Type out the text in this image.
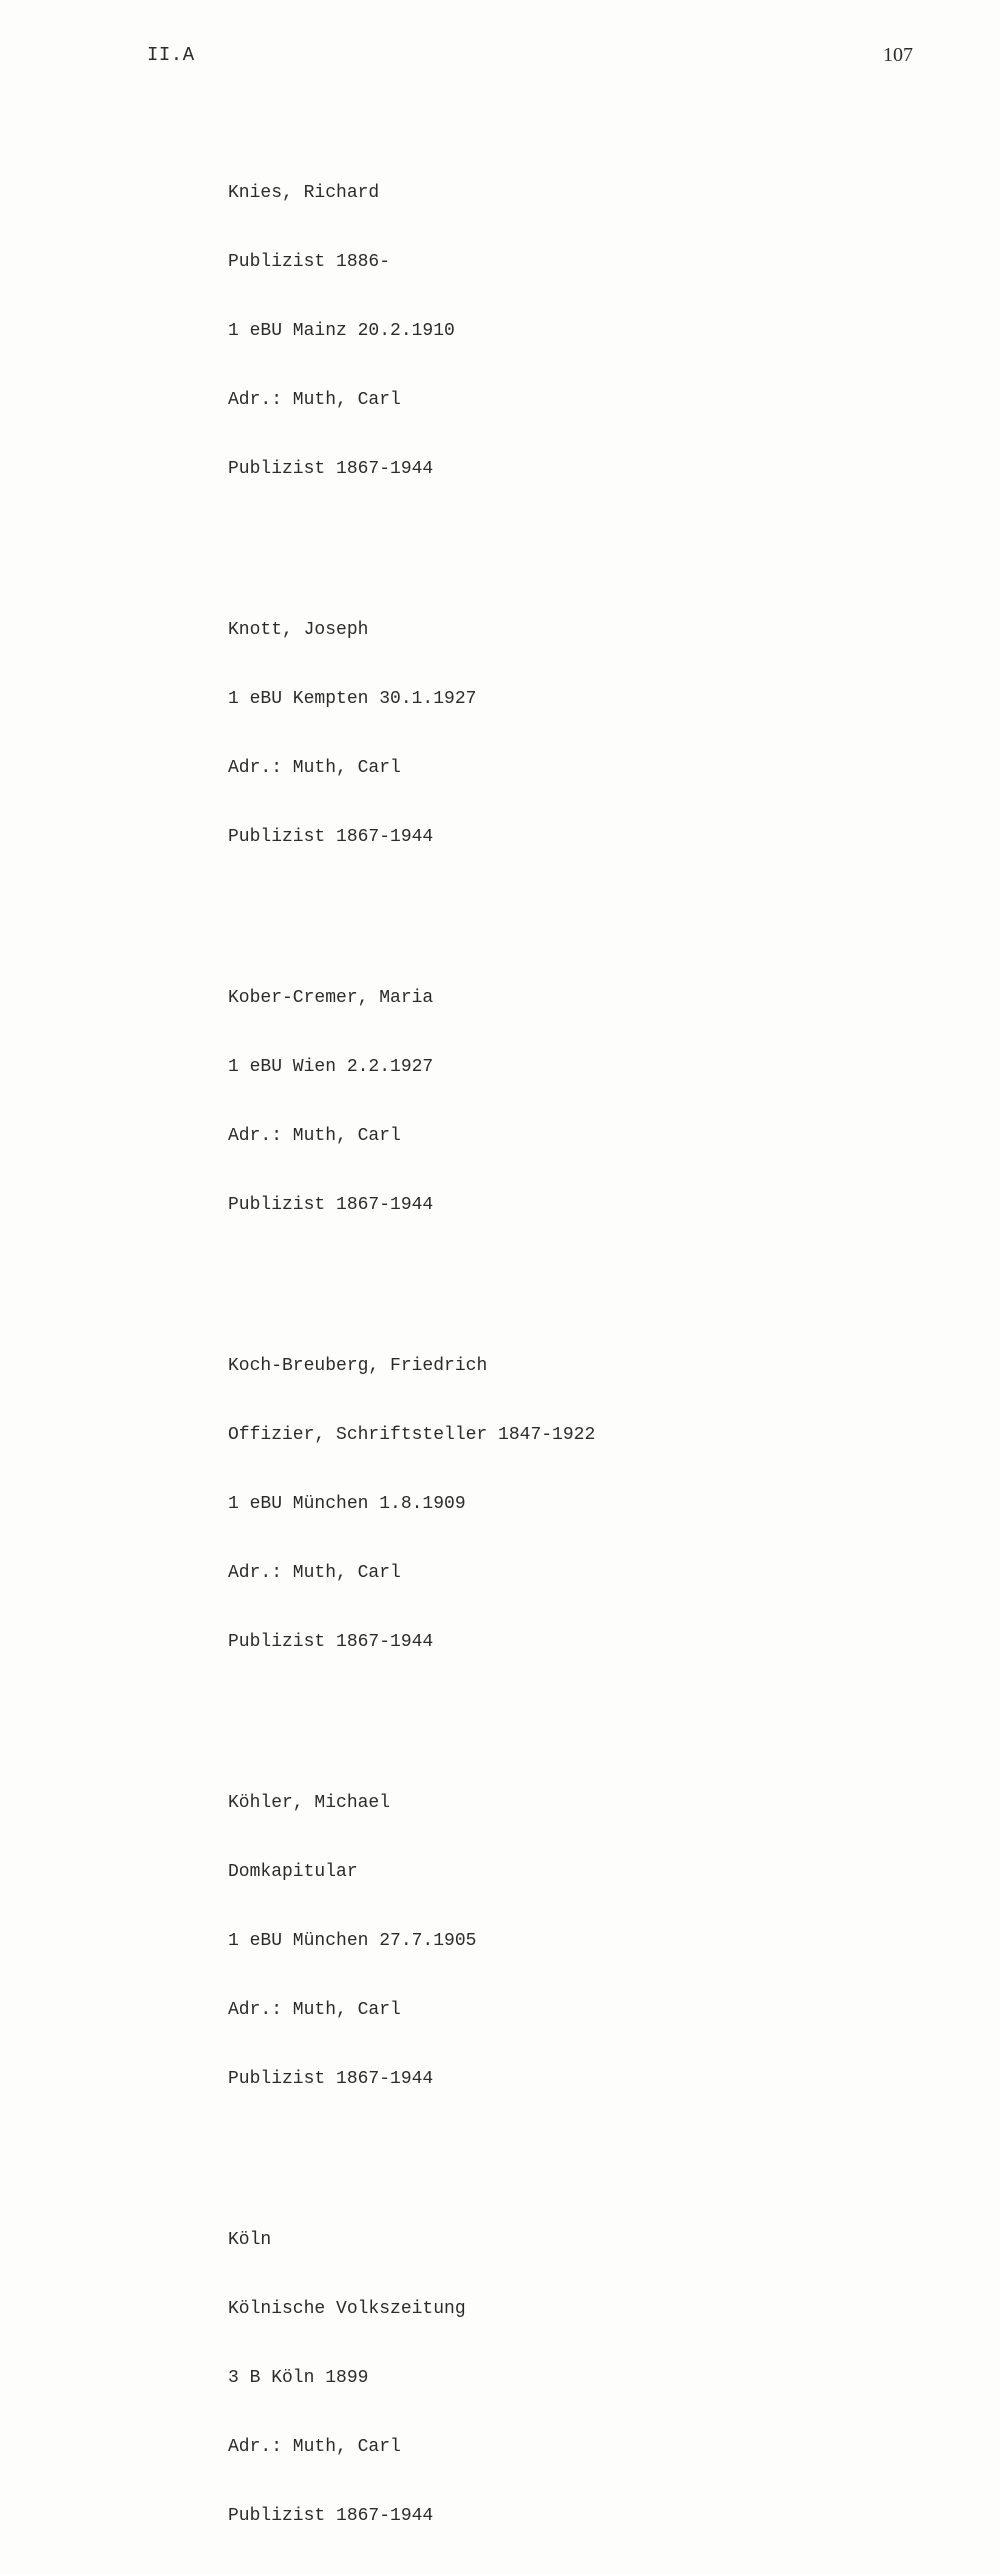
II.A	107

Knies, Richard

Publizist 1886-

1 eBU Mainz 20.2.1910

Adr.: Muth, Carl

Publizist 1867-1944

Knott, Joseph

1 eBU Kempten 30.1.1927

Adr.: Muth, Carl

Publizist 1867-1944

Kober-Cremer, Maria

1 eBU Wien 2.2.1927

Adr.: Muth, Carl

Publizist 1867-1944

Koch-Breuberg, Friedrich

Offizier, Schriftsteller 1847-1922

1 eBU München 1.8.1909

Adr.: Muth, Carl

Publizist 1867-1944

Köhler, Michael

Domkapitular

1 eBU München 27.7.1905

Adr.: Muth, Carl

Publizist 1867-1944

Köln

Kölnische Volkszeitung

3 B Köln 1899

Adr.: Muth, Carl

Publizist 1867-1944
